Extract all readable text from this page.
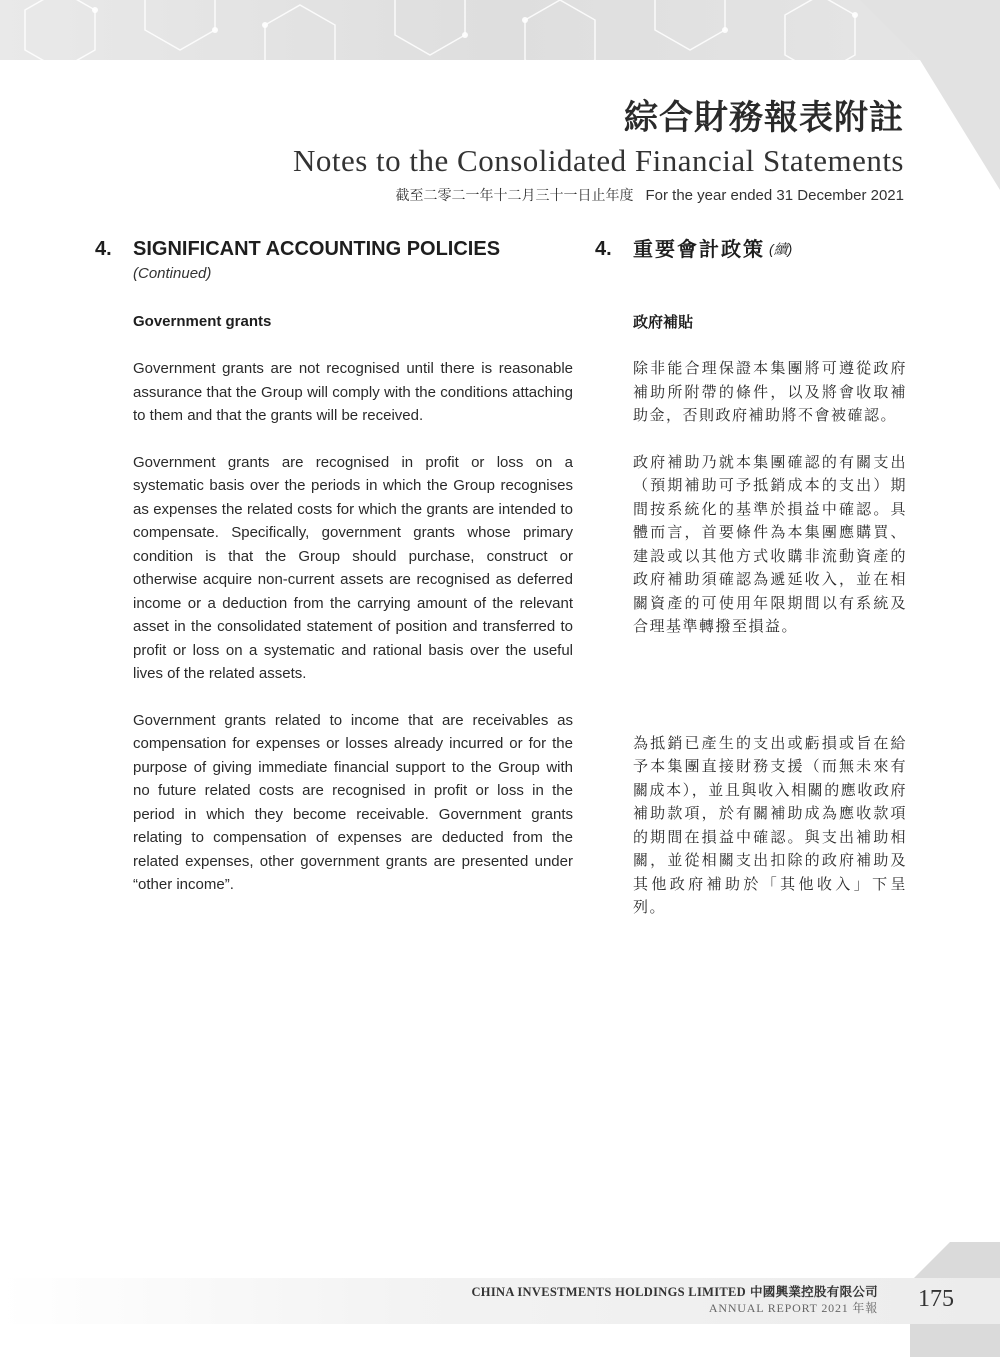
綜合財務報表附註
Notes to the Consolidated Financial Statements
截至二零二一年十二月三十一日止年度 For the year ended 31 December 2021
4.	SIGNIFICANT ACCOUNTING POLICIES
(Continued)
Government grants

Government grants are not recognised until there is reasonable assurance that the Group will comply with the conditions attaching to them and that the grants will be received.

Government grants are recognised in profit or loss on a systematic basis over the periods in which the Group recognises as expenses the related costs for which the grants are intended to compensate. Specifically, government grants whose primary condition is that the Group should purchase, construct or otherwise acquire non-current assets are recognised as deferred income or a deduction from the carrying amount of the relevant asset in the consolidated statement of position and transferred to profit or loss on a systematic and rational basis over the useful lives of the related assets.

Government grants related to income that are receivables as compensation for expenses or losses already incurred or for the purpose of giving immediate financial support to the Group with no future related costs are recognised in profit or loss in the period in which they become receivable. Government grants relating to compensation of expenses are deducted from the related expenses, other government grants are presented under “other income”.

4.	重要會計政策 (續)
政府補貼

除非能合理保證本集團將可遵從政府補助所附帶的條件，以及將會收取補助金，否則政府補助將不會被確認。

政府補助乃就本集團確認的有關支出（預期補助可予抵銷成本的支出）期間按系統化的基準於損益中確認。具體而言，首要條件為本集團應購買、建設或以其他方式收購非流動資產的政府補助須確認為遞延收入，並在相關資產的可使用年限期間以有系統及合理基準轉撥至損益。

為抵銷已產生的支出或虧損或旨在給予本集團直接財務支援（而無未來有關成本），並且與收入相關的應收政府補助款項，於有關補助成為應收款項的期間在損益中確認。與支出補助相關，並從相關支出扣除的政府補助及其他政府補助於「其他收入」下呈列。

CHINA INVESTMENTS HOLDINGS LIMITED 中國興業控股有限公司
ANNUAL REPORT 2021 年報 175
